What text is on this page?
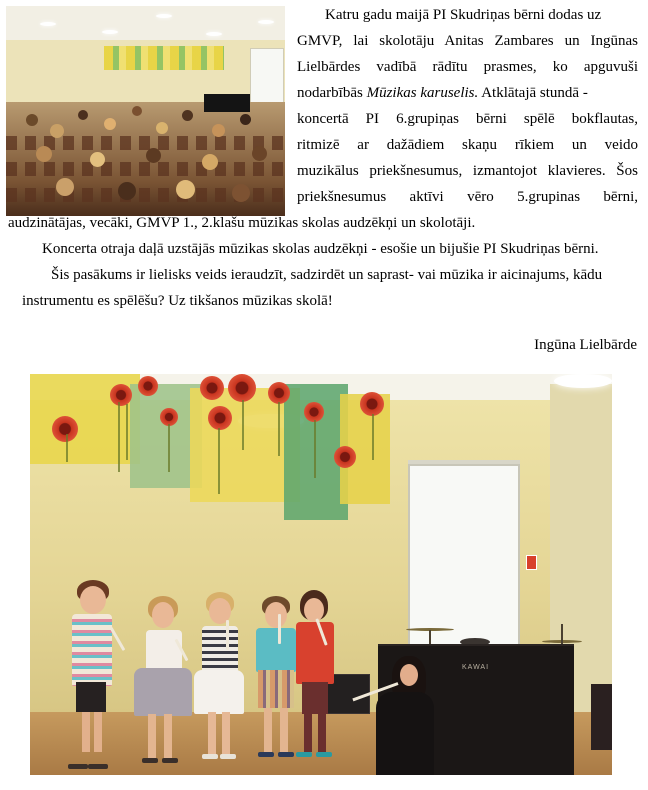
Katru gadu maijā PI Skudriņas bērni dodas uz
GMVP, lai skolotāju Anitas Zambares un Ingūnas
Lielbārdes vadībā rādītu prasmes, ko apguvuši
nodarbībās Mūzikas karuselis. Atklātajā stundā -
koncertā PI 6.grupiņas bērni spēlē bokflautas,
ritmizē ar dažādiem skaņu rīkiem un veido
muzikālus priekšnesumus, izmantojot klavieres. Šos
priekšnesumus aktīvi vēro 5.grupinas bērni,
audzinātājas, vecāki, GMVP 1., 2.klašu mūzikas skolas audzēkņi un skolotāji.
Koncerta otraja daļā uzstājās mūzikas skolas audzēkņi - esošie un bijušie PI Skudriņas bērni.
Šis pasākums ir lielisks veids ieraudzīt, sadzirdēt un saprast- vai mūzika ir aicinajums, kādu
instrumentu es spēlēšu? Uz tikšanos mūzikas skolā!
Ingūna Lielbārde
KAWAI
